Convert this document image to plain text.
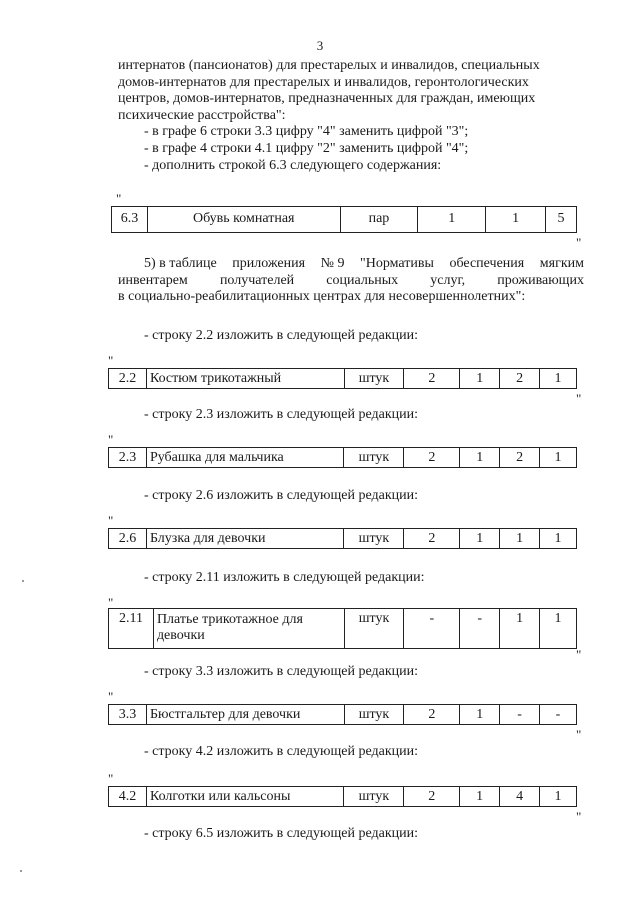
3
интернатов (пансионатов) для престарелых и инвалидов, специальных
домов-интернатов для престарелых и инвалидов, геронтологических
центров, домов-интернатов, предназначенных для граждан, имеющих
психические расстройства":
- в графе 6 строки 3.3 цифру "4" заменить цифрой "3";
- в графе 4 строки 4.1 цифру "2" заменить цифрой "4";
- дополнить строкой 6.3 следующего содержания:
"
6.3	Обувь комнатная	пар	1	1	5
"
5) в таблице приложения № 9 "Нормативы обеспечения мягким
инвентарем получателей социальных услуг, проживающих
в социально-реабилитационных центрах для несовершеннолетних":
- строку 2.2 изложить в следующей редакции:
"
2.2	Костюм трикотажный	штук	2	1	2	1
"
- строку 2.3 изложить в следующей редакции:
"
2.3	Рубашка для мальчика	штук	2	1	2	1
- строку 2.6 изложить в следующей редакции:
"
2.6	Блузка для девочки	штук	2	1	1	1
- строку 2.11 изложить в следующей редакции:
"
2.11	Платье трикотажное для девочки	штук	-	-	1	1
"
- строку 3.3 изложить в следующей редакции:
"
3.3	Бюстгальтер для девочки	штук	2	1	-	-
"
- строку 4.2 изложить в следующей редакции:
"
4.2	Колготки или кальсоны	штук	2	1	4	1
"
- строку 6.5 изложить в следующей редакции:
